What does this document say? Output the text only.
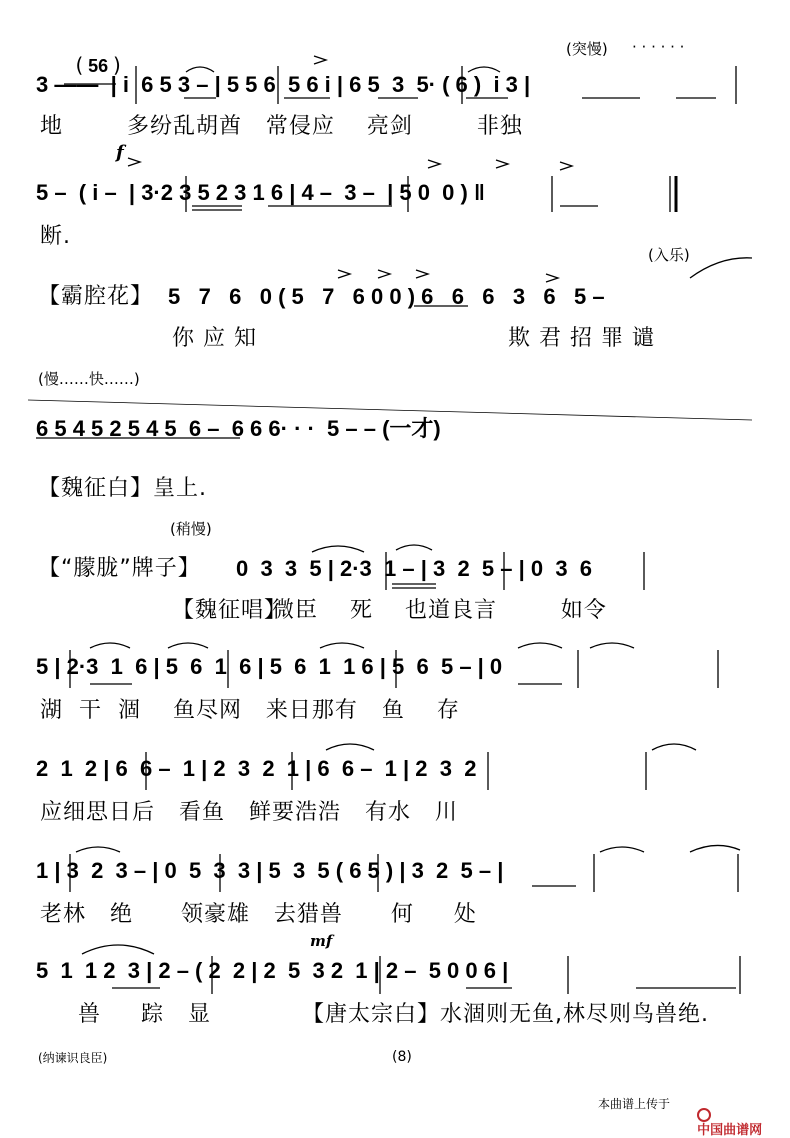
( 56 )

(突慢) · · · · · ·
3 ——  | i  6 5 3 – | 5 5 6  5 6 i | 6 5  3  5· ( 6 )  i 3 |
地        多纷乱胡酋   常侵应    亮剑        非独
f
5 –  ( i –  | 3·2 3 5 2 3 1 6 | 4 –  3 –  | 5 0  0 ) ‖
断.
(入乐)
【霸腔花】 5   7   6   0 ( 5   7   6 0 0 ) 6   6   6   3   6   5 –
你 应 知	欺 君 招 罪 谴
(慢……快……)
6 5 4 5 2 5 4 5  6 –  6 6 6· · ·  5 – – (一才)
【魏征白】皇上.
(稍慢)
【“朦胧”牌子】 0  3  3  5 | 2·3  1 – | 3  2  5 – | 0  3  6
【魏征唱】
微臣    死    也道良言        如令
5 | 2·3  1  6 | 5  6  1  6 | 5  6  1  1 6 | 5  6  5 – | 0
湖  干  涸    鱼尽网   来日那有   鱼    存
2  1  2 | 6  6 –  1 | 2  3  2  1 | 6  6 –  1 | 2  3  2
应细思日后   看鱼   鲜要浩浩   有水   川
1 | 3  2  3 – | 0  5  3  3 | 5  3  5 ( 6 5 ) | 3  2  5 – |
老林   绝      领豪雄   去猎兽      何     处
mf
5  1  1 2  3 | 2 – ( 2  2 | 2  5  3 2  1 | 2 –  5 0 0 6 |
兽     踪   显	【唐太宗白】水涸则无鱼,林尽则鸟兽绝.
(纳谏识良臣)	(8)
本曲谱上传于

中国曲谱网
